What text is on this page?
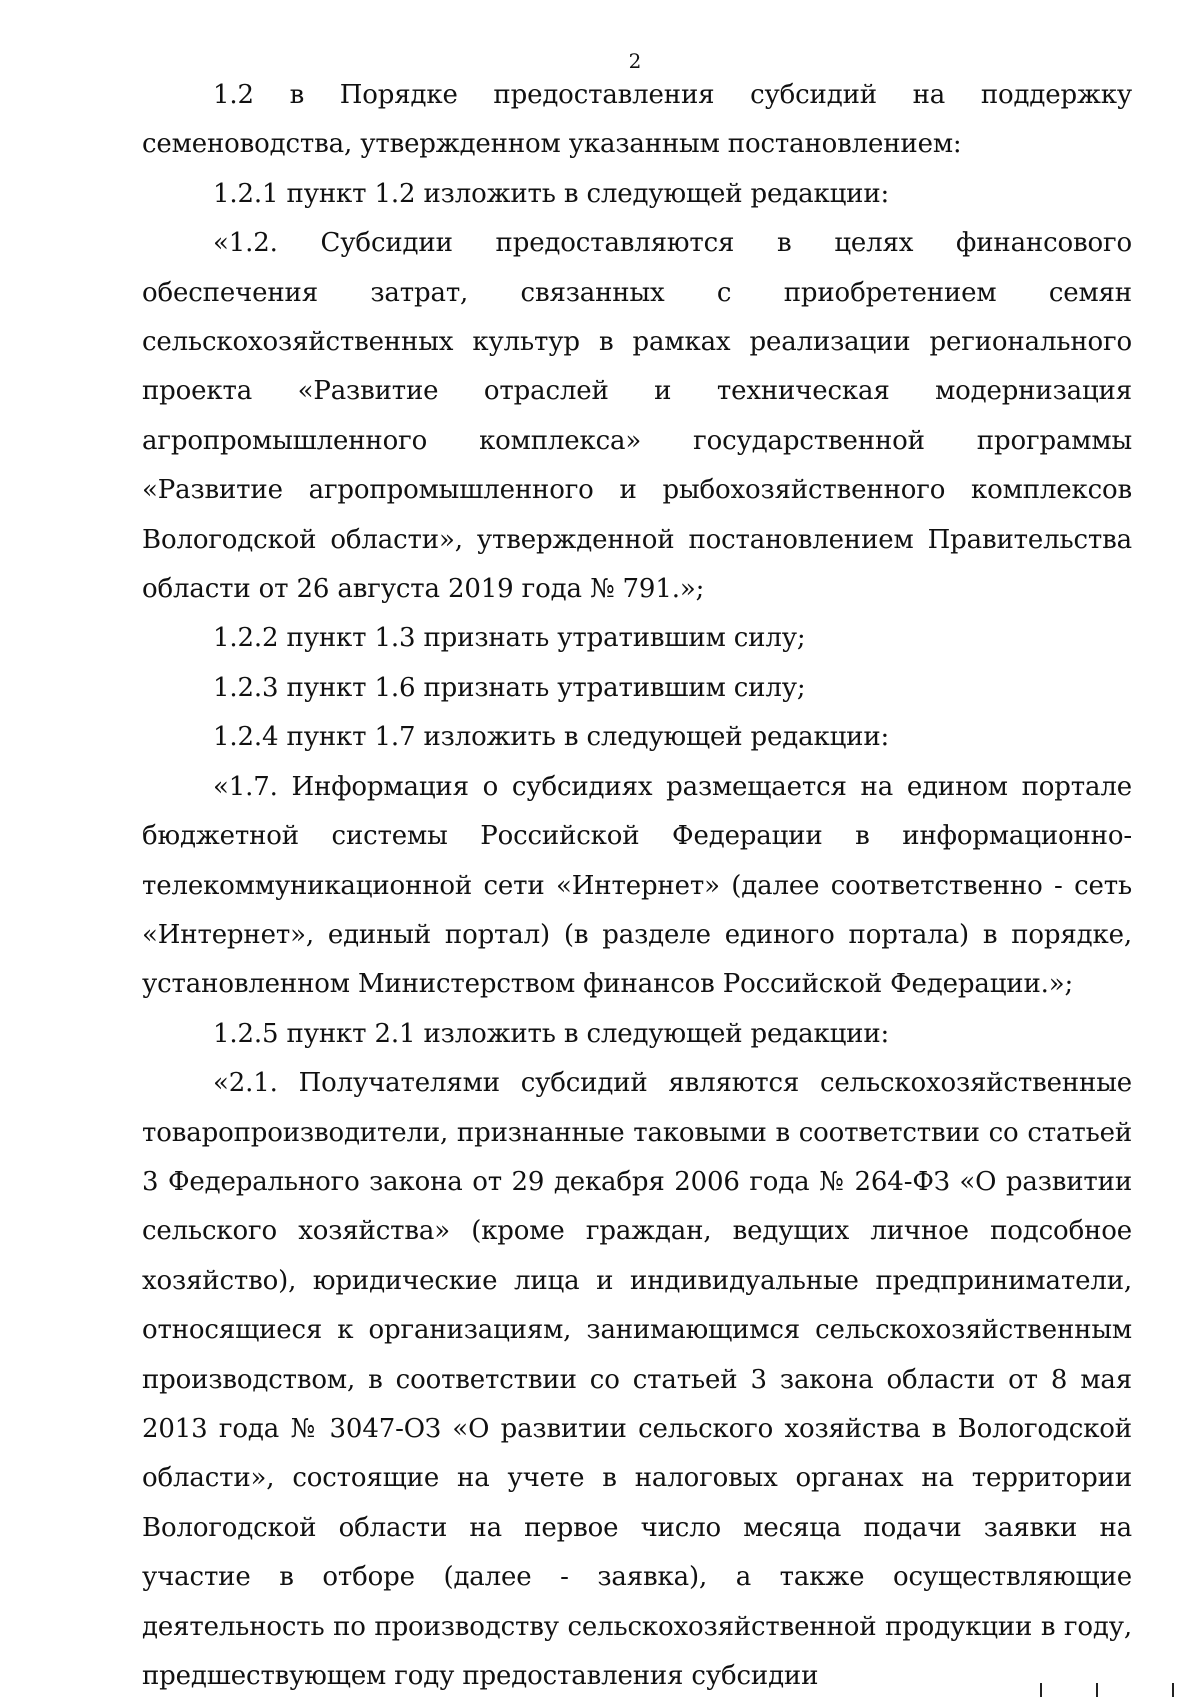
2

1.2 в Порядке предоставления субсидий на поддержку семеноводства, утвержденном указанным постановлением:

1.2.1 пункт 1.2 изложить в следующей редакции:

«1.2. Субсидии предоставляются в целях финансового обеспечения затрат, связанных с приобретением семян сельскохозяйственных культур в рамках реализации регионального проекта «Развитие отраслей и техническая модернизация агропромышленного комплекса» государственной программы «Развитие агропромышленного и рыбохозяйственного комплексов Вологодской области», утвержденной постановлением Правительства области от 26 августа 2019 года № 791.»;

1.2.2 пункт 1.3 признать утратившим силу;

1.2.3 пункт 1.6 признать утратившим силу;

1.2.4 пункт 1.7 изложить в следующей редакции:

«1.7. Информация о субсидиях размещается на едином портале бюджетной системы Российской Федерации в информационно-телекоммуникационной сети «Интернет» (далее соответственно - сеть «Интернет», единый портал) (в разделе единого портала) в порядке, установленном Министерством финансов Российской Федерации.»;

1.2.5 пункт 2.1 изложить в следующей редакции:

«2.1. Получателями субсидий являются сельскохозяйственные товаропроизводители, признанные таковыми в соответствии со статьей 3 Федерального закона от 29 декабря 2006 года № 264-ФЗ «О развитии сельского хозяйства» (кроме граждан, ведущих личное подсобное хозяйство), юридические лица и индивидуальные предприниматели, относящиеся к организациям, занимающимся сельскохозяйственным производством, в соответствии со статьей 3 закона области от 8 мая 2013 года № 3047-ОЗ «О развитии сельского хозяйства в Вологодской области», состоящие на учете в налоговых органах на территории Вологодской области на первое число месяца подачи заявки на участие в отборе (далее - заявка), а также осуществляющие деятельность по производству сельскохозяйственной продукции в году, предшествующем году предоставления субсидии
